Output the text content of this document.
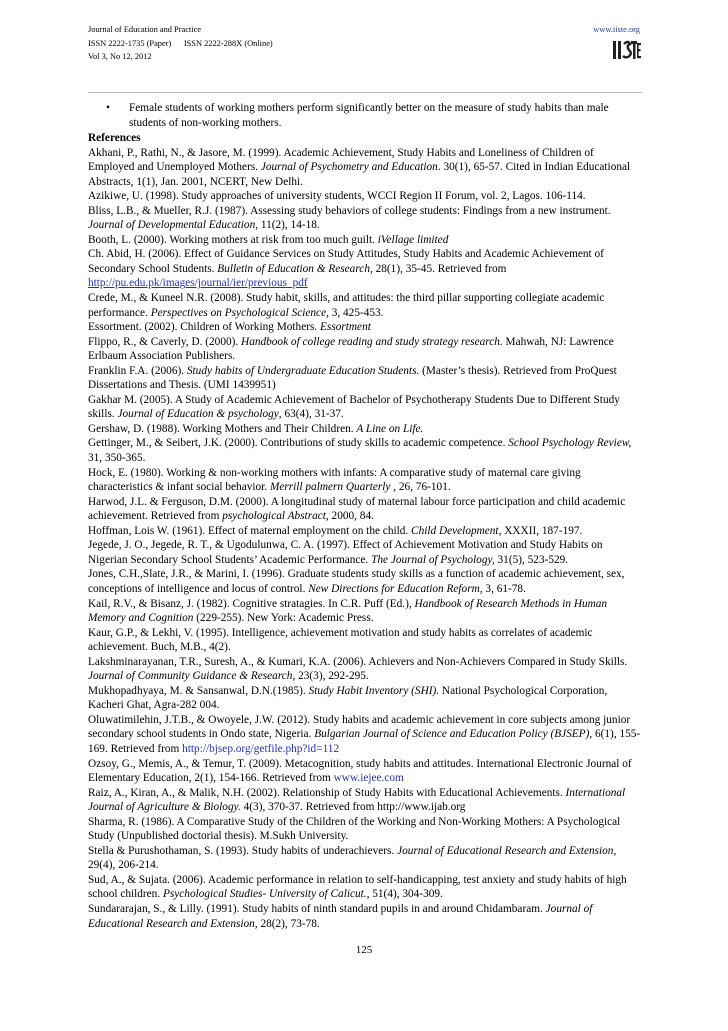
Journal of Education and Practice	www.iiste.org
ISSN 2222-1735 (Paper)      ISSN 2222-288X (Online)
Vol 3, No 12, 2012
• Female students of working mothers perform significantly better on the measure of study habits than male students of non-working mothers.
References
Akhani, P., Rathi, N., & Jasore, M. (1999). Academic Achievement, Study Habits and Loneliness of Children of Employed and Unemployed Mothers. Journal of Psychometry and Education. 30(1), 65-57. Cited in Indian Educational Abstracts, 1(1), Jan. 2001, NCERT, New Delhi.
Azikiwe, U. (1998). Study approaches of university students, WCCI Region II Forum, vol. 2, Lagos. 106-114.
Bliss, L.B., & Mueller, R.J. (1987). Assessing study behaviors of college students: Findings from a new instrument. Journal of Developmental Education, 11(2), 14-18.
Booth, L. (2000). Working mothers at risk from too much guilt. iVellage limited
Ch. Abid, H. (2006). Effect of Guidance Services on Study Attitudes, Study Habits and Academic Achievement of Secondary School Students. Bulletin of Education & Research, 28(1), 35-45. Retrieved from http://pu.edu.pk/images/journal/ier/previous_pdf
Crede, M., & Kuneel N.R. (2008). Study habit, skills, and attitudes: the third pillar supporting collegiate academic performance. Perspectives on Psychological Science, 3, 425-453.
Essortment. (2002). Children of Working Mothers. Essortment
Flippo, R., & Caverly, D. (2000). Handbook of college reading and study strategy research. Mahwah, NJ: Lawrence Erlbaum Association Publishers.
Franklin F.A. (2006). Study habits of Undergraduate Education Students. (Master’s thesis). Retrieved from ProQuest Dissertations and Thesis. (UMI 1439951)
Gakhar M. (2005). A Study of Academic Achievement of Bachelor of Psychotherapy Students Due to Different Study skills. Journal of Education & psychology, 63(4), 31-37.
Gershaw, D. (1988). Working Mothers and Their Children. A Line on Life.
Gettinger, M., & Seibert, J.K. (2000). Contributions of study skills to academic competence. School Psychology Review, 31, 350-365.
Hock, E. (1980). Working & non-working mothers with infants: A comparative study of maternal care giving characteristics & infant social behavior. Merrill palmern Quarterly , 26, 76-101.
Harwod, J.L. & Ferguson, D.M. (2000). A longitudinal study of maternal labour force participation and child academic achievement. Retrieved from psychological Abstract, 2000, 84.
Hoffman, Lois W. (1961). Effect of maternal employment on the child. Child Development, XXXII, 187-197.
Jegede, J. O., Jegede, R. T., & Ugodulunwa, C. A. (1997). Effect of Achievement Motivation and Study Habits on Nigerian Secondary School Students’ Academic Performance. The Journal of Psychology, 31(5), 523-529.
Jones, C.H.,Slate, J.R., & Marini, I. (1996). Graduate students study skills as a function of academic achievement, sex, conceptions of intelligence and locus of control. New Directions for Education Reform, 3, 61-78.
Kail, R.V., & Bisanz, J. (1982). Cognitive stratagies. In C.R. Puff (Ed.), Handbook of Research Methods in Human Memory and Cognition (229-255). New York: Academic Press.
Kaur, G.P., & Lekhi, V. (1995). Intelligence, achievement motivation and study habits as correlates of academic achievement. Buch, M.B., 4(2).
Lakshminarayanan, T.R., Suresh, A., & Kumari, K.A. (2006). Achievers and Non-Achievers Compared in Study Skills. Journal of Community Guidance & Research, 23(3), 292-295.
Mukhopadhyaya, M. & Sansanwal, D.N.(1985). Study Habit Inventory (SHI). National Psychological Corporation, Kacheri Ghat, Agra-282 004.
Oluwatimilehin, J.T.B., & Owoyele, J.W. (2012). Study habits and academic achievement in core subjects among junior secondary school students in Ondo state, Nigeria. Bulgarian Journal of Science and Education Policy (BJSEP), 6(1), 155-169. Retrieved from http://bjsep.org/getfile.php?id=112
Ozsoy, G., Memis, A., & Temur, T. (2009). Metacognition, study habits and attitudes. International Electronic Journal of Elementary Education, 2(1), 154-166. Retrieved from www.iejee.com
Raiz, A., Kiran, A., & Malik, N.H. (2002). Relationship of Study Habits with Educational Achievements. International Journal of Agriculture & Biology. 4(3), 370-37. Retrieved from http://www.ijab.org
Sharma, R. (1986). A Comparative Study of the Children of the Working and Non-Working Mothers: A Psychological Study (Unpublished doctorial thesis). M.Sukh University.
Stella & Purushothaman, S. (1993). Study habits of underachievers. Journal of Educational Research and Extension, 29(4), 206-214.
Sud, A., & Sujata. (2006). Academic performance in relation to self-handicapping, test anxiety and study habits of high school children. Psychological Studies- University of Calicut., 51(4), 304-309.
Sundararajan, S., & Lilly. (1991). Study habits of ninth standard pupils in and around Chidambaram. Journal of Educational Research and Extension, 28(2), 73-78.
125
